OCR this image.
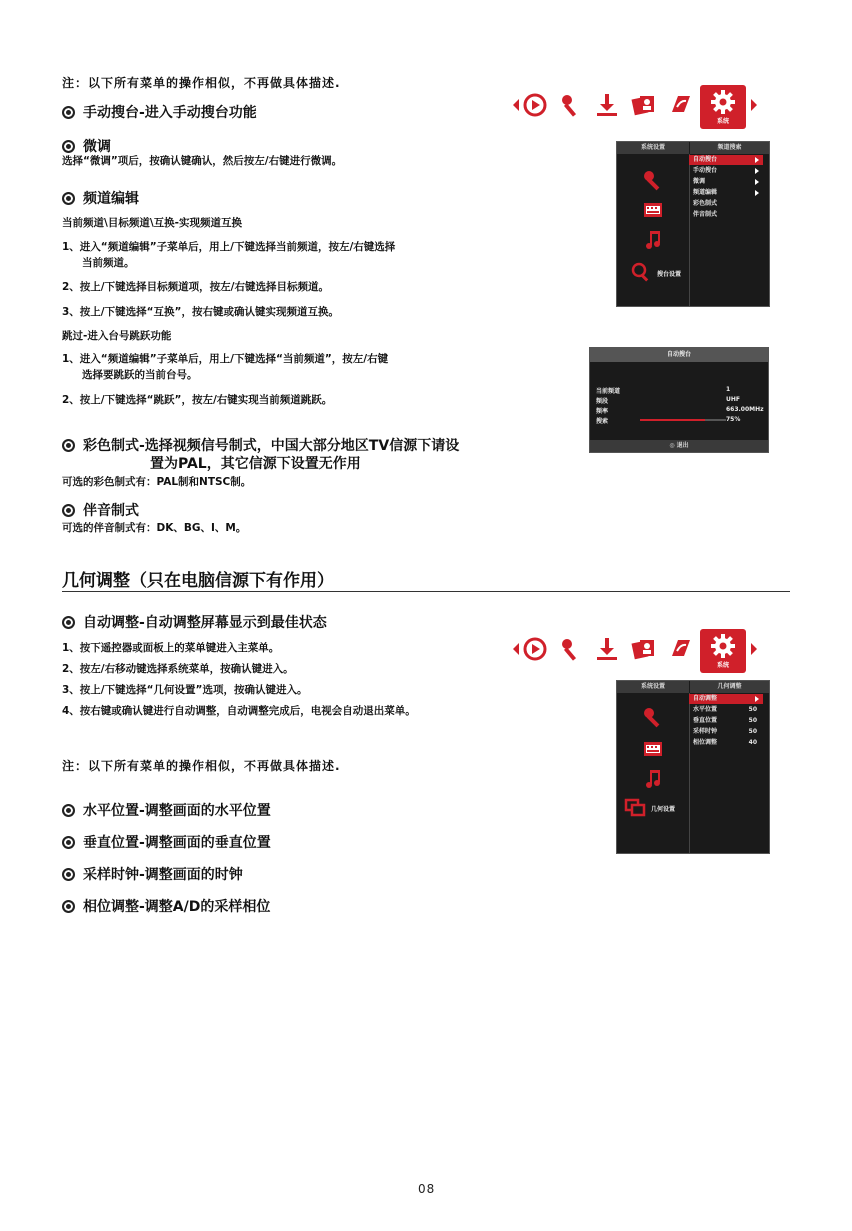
注：以下所有菜单的操作相似，不再做具体描述.
系统
手动搜台-进入手动搜台功能
微调
选择“微调”项后，按确认键确认，然后按左/右键进行微调。
频道编辑
当前频道\目标频道\互换-实现频道互换
1、进入“频道编辑”子菜单后，用上/下键选择当前频道，按左/右键选择
当前频道。
2、按上/下键选择目标频道项，按左/右键选择目标频道。
3、按上/下键选择“互换”，按右键或确认键实现频道互换。
跳过-进入台号跳跃功能
1、进入“频道编辑”子菜单后，用上/下键选择“当前频道”，按左/右键
选择要跳跃的当前台号。
2、按上/下键选择“跳跃”，按左/右键实现当前频道跳跃。
彩色制式-选择视频信号制式，中国大部分地区TV信源下请设
置为PAL，其它信源下设置无作用
可选的彩色制式有：PAL制和NTSC制。
伴音制式
可选的伴音制式有：DK、BG、I、M。
系统设置	频道搜索
搜台设置
自动搜台
手动搜台
微调
频道编辑
彩色制式
伴音制式
自动搜台
当前频道	1
频段	UHF
频率	663.00MHz
搜索	75%
◎ 退出
几何调整（只在电脑信源下有作用）
自动调整-自动调整屏幕显示到最佳状态
1、按下遥控器或面板上的菜单键进入主菜单。
2、按左/右移动键选择系统菜单，按确认键进入。
3、按上/下键选择“几何设置”选项，按确认键进入。
4、按右键或确认键进行自动调整，自动调整完成后，电视会自动退出菜单。
注：以下所有菜单的操作相似，不再做具体描述.
水平位置-调整画面的水平位置
垂直位置-调整画面的垂直位置
采样时钟-调整画面的时钟
相位调整-调整A/D的采样相位
系统
系统设置	几何调整
几何设置
自动调整
水平位置	50
垂直位置	50
采样时钟	50
相位调整	40
08
